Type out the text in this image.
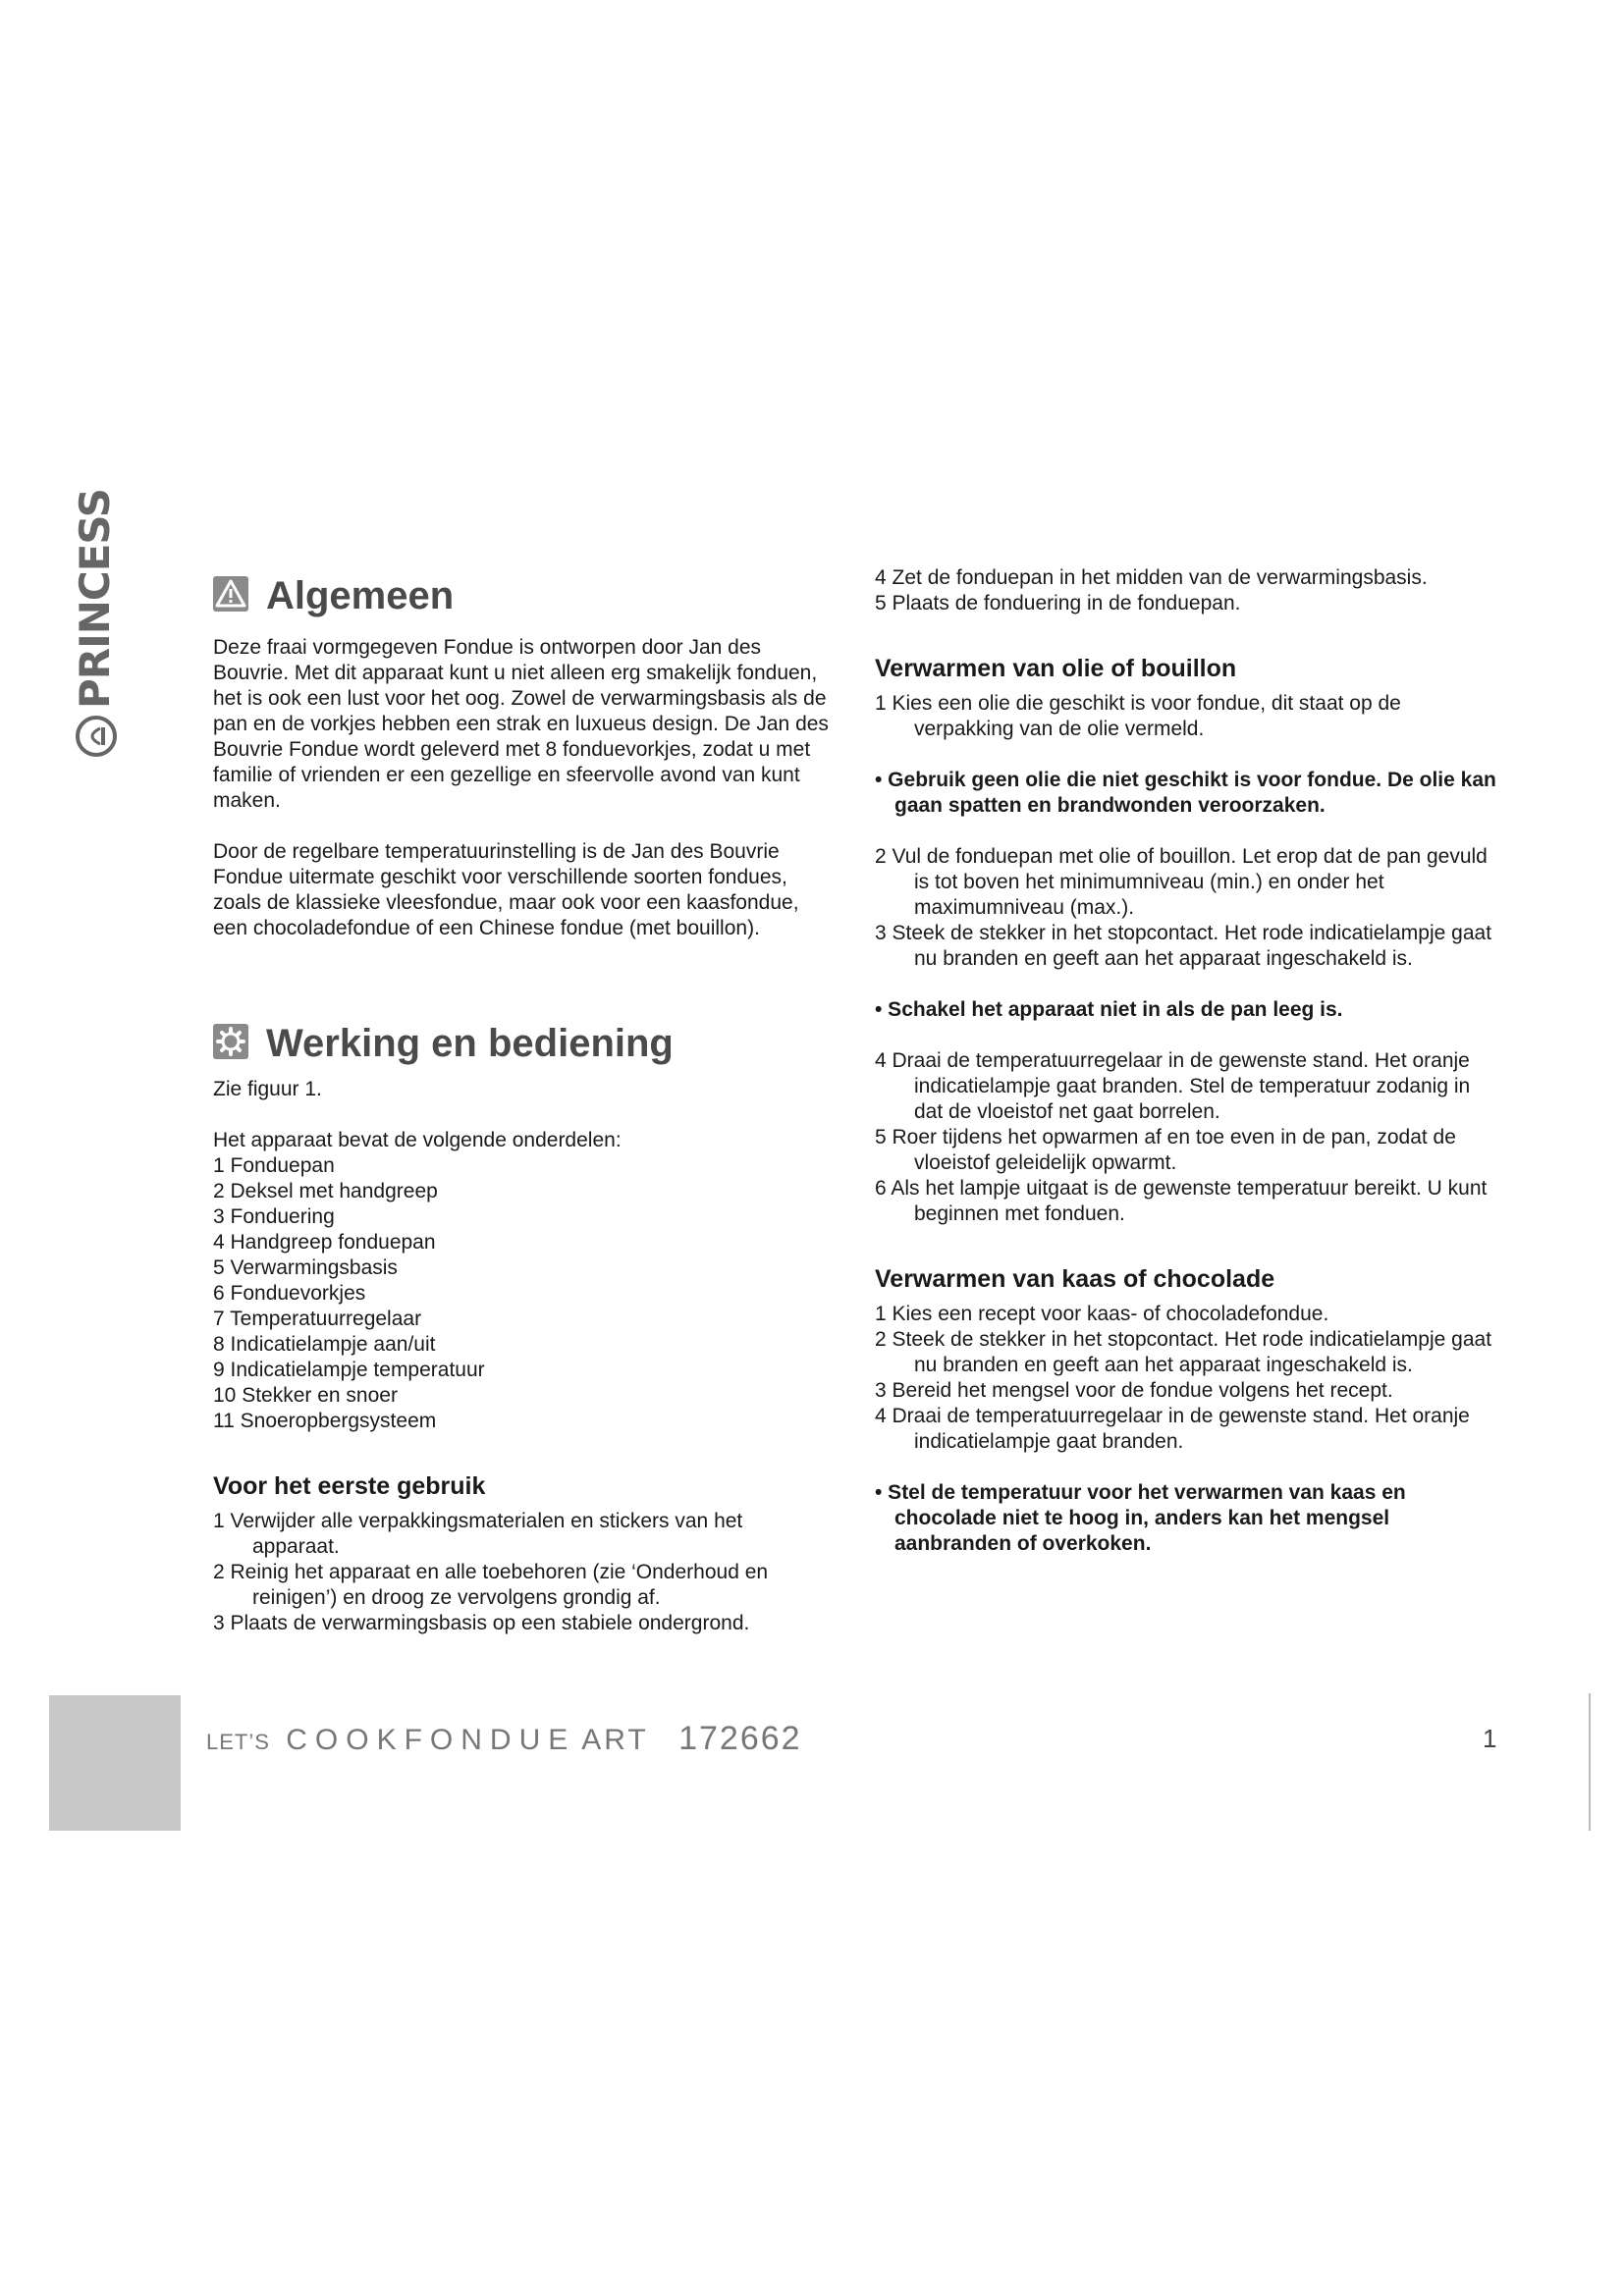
PRINCESS	Algemeen

Deze fraai vormgegeven Fondue is ontworpen door Jan des Bouvrie. Met dit apparaat kunt u niet alleen erg smakelijk fonduen, het is ook een lust voor het oog. Zowel de verwarmingsbasis als de pan en de vorkjes hebben een strak en luxueus design. De Jan des Bouvrie Fondue wordt geleverd met 8 fonduevorkjes, zodat u met familie of vrienden er een gezellige en sfeervolle avond van kunt maken.

Door de regelbare temperatuurinstelling is de Jan des Bouvrie Fondue uitermate geschikt voor verschillende soorten fondues, zoals de klassieke vleesfondue, maar ook voor een kaasfondue, een chocoladefondue of een Chinese fondue (met bouillon).

Werking en bediening

Zie figuur 1.

Het apparaat bevat de volgende onderdelen:

1 Fonduepan
2 Deksel met handgreep
3 Fonduering
4 Handgreep fonduepan
5 Verwarmingsbasis
6 Fonduevorkjes
7 Temperatuurregelaar
8 Indicatielampje aan/uit
9 Indicatielampje temperatuur
10 Stekker en snoer
11 Snoeropbergsysteem
Voor het eerste gebruik
1 Verwijder alle verpakkingsmaterialen en stickers van het apparaat.
2 Reinig het apparaat en alle toebehoren (zie ‘Onderhoud en reinigen’) en droog ze vervolgens grondig af.
3 Plaats de verwarmingsbasis op een stabiele ondergrond.
4 Zet de fonduepan in het midden van de verwarmingsbasis.
5 Plaats de fonduering in de fonduepan.
Verwarmen van olie of bouillon
1 Kies een olie die geschikt is voor fondue, dit staat op de verpakking van de olie vermeld.

• Gebruik geen olie die niet geschikt is voor fondue. De olie kan gaan spatten en brandwonden veroorzaken.

2 Vul de fonduepan met olie of bouillon. Let erop dat de pan gevuld is tot boven het minimumniveau (min.) en onder het maximumniveau (max.).
3 Steek de stekker in het stopcontact. Het rode indicatielampje gaat nu branden en geeft aan het apparaat ingeschakeld is.

• Schakel het apparaat niet in als de pan leeg is.

4 Draai de temperatuurregelaar in de gewenste stand. Het oranje indicatielampje gaat branden. Stel de temperatuur zodanig in dat de vloeistof net gaat borrelen.
5 Roer tijdens het opwarmen af en toe even in de pan, zodat de vloeistof geleidelijk opwarmt.
6 Als het lampje uitgaat is de gewenste temperatuur bereikt. U kunt beginnen met fonduen.
Verwarmen van kaas of chocolade
1 Kies een recept voor kaas- of chocoladefondue.
2 Steek de stekker in het stopcontact. Het rode indicatielampje gaat nu branden en geeft aan het apparaat ingeschakeld is.
3 Bereid het mengsel voor de fondue volgens het recept.
4 Draai de temperatuurregelaar in de gewenste stand. Het oranje indicatielampje gaat branden.

• Stel de temperatuur voor het verwarmen van kaas en chocolade niet te hoog in, anders kan het mengsel aanbranden of overkoken.

LET’S COOKFONDUE ART 172662	1
